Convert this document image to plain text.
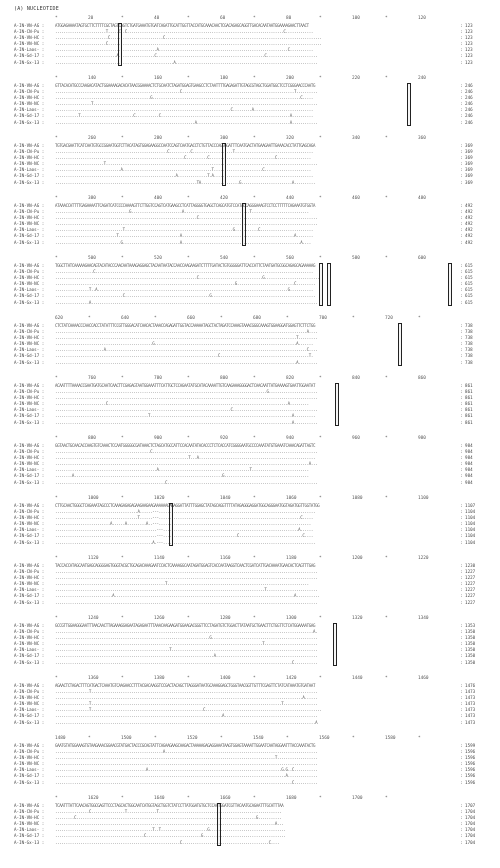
(A) NUCLEOTIDE
*	20	*	40	*	60	*	80	*	100	*	120
A-IN-VN-AG :	ATGGAGAAAATAGTGCTTCTTTTCGCTAGTCAGTCTGATGAAATGTGATCAGATTGCATTGGTTACCATGCAAACAACTCGACAGAGCAGGTTGACACAATAATGGAAAAGAACTTAACT	: 123
A-IN-CN-Pu :	........................T.....C..C..........................................................................C.............	: 123
A-IN-VN-HC :	.........................C.........................C..........................................................................	: 123
A-IN-VN-NC :	........................C.....................................................................................................	: 123
A-IN-Laos- :	................................................A.............................................................C...........	: 123
A-IN-Gd-17 :	.............................A.................C...................................................C........................	: 123
A-IN-Gx-13 :	........................................................A...................................................................	: 123
*	140	*	160	*	180	*	200	*	220	*	240
A-IN-VN-AG :	GTTACACATGCCCAAGACATACTGGAAAAGACACATAACGGAAAACTCTGCAATCTAGATGGAGTGAAGCCTCTAATTTTGAGAGATTGTAGCGTAGCTGGATGGCTCCTCGGGAACCCAATG	: 246
A-IN-CN-Pu :	...........................................................C.....................................................T..........	: 246
A-IN-VN-HC :	.............................................G......................................................................C.....	: 246
A-IN-VN-NC :	.................T..........................................................................................................	: 246
A-IN-Laos- :	...................................................................................C.........A............................	: 246
A-IN-Gd-17 :	...........T.........................C...........C.............................................................A..........	: 246
A-IN-Gx-13 :	..................................................................A............................................A............	: 246
*	260	*	280	*	300	*	320	*	340	*	360
A-IN-VN-AG :	TGTGACGAATTCATCAATGTGCCGGAATGGTCTTACATAGTGGAGAAGGCCAATCCAGTCAATGACCTCTGTTACCCAGGGGATTTCAATGACTATGAAGAATTGAAACACCTATTGAGCAGA	: 369
A-IN-CN-Pu :	.....................................................C..........C...................T.....................................	: 369
A-IN-VN-HC :	.............................................................C..........C...............................C................	: 369
A-IN-VN-NC :	.......................T....................................................................................................	: 369
A-IN-Laos- :	...............................A..........................................T.......................C......................	: 369
A-IN-Gd-17 :	.........................................................A..............T.A...............................................	: 369
A-IN-Gx-13 :	...................................................................TA..................G........................A..........	: 369
*	380	*	400	*	420	*	440	*	460	*	480
A-IN-VN-AG :	ATAAACCATTTTGAGAAAATTCAGATCATCCCCAAAAGTTCTTGGTCCAGTCATGAAGCCTCATTAGGGGTGAGCTCAGCATGTCCATACCAGGGAAAGTCCTCCTTTTTCAGAAATGTGGTA	: 492
A-IN-CN-Pu :	...................................G........................A...............................T...........................	: 492
A-IN-VN-HC :	...................................................................C........................................................	: 492
A-IN-VN-NC :	............................................................................................................................	: 492
A-IN-Laos- :	................................T...................................................G...........C.........................	: 492
A-IN-Gd-17 :	.............................T.............................A.....................................................A........	: 492
A-IN-Gx-13 :	...............................G...........................A........................................................A....	: 492
*	500	*	520	*	540	*	560	*	580	*	600
A-IN-VN-AG :	TGGCTTATCAAAAAGAACAGTACATACCCAACAATAAAGAGGAGCTACAATAATACCAACCAAGAAGATCTTTTGATACTGTGGGGGATTCACCATTCTAATGATGCGGCAGAGCAGAAAAAG	: 615
A-IN-CN-Pu :	..................C.......................................................................................................	: 615
A-IN-VN-HC :	...................................................................C..............................G..........................	: 615
A-IN-VN-NC :	.....................................................................................G...........................C.........	: 615
A-IN-Laos- :	................T..A..........................................................................................G...........	: 615
A-IN-Gd-17 :	................................C........................................G.................................................	: 615
A-IN-Gx-13 :	................A...........................................................................................................	: 615
620	*	640	*	660	*	680	*	700	*	720	*
A-IN-VN-AG :	CTCTATCAAAACCCAACCACCTATATTTCCGTTGGGACATCAACACTAAACCAGAGATTGGTACCAAAAATAGCTACTAGATCCAAAGTAAACGGGCAAAGTGGAAGGATGGAGTTCTTCTGG	: 738
A-IN-CN-Pu :	.......................................................................................................................A....	: 738
A-IN-VN-HC :	..................................................................................................................T.........	: 738
A-IN-VN-NC :	..............................................G...................................................................A.......	: 738
A-IN-Laos- :	.......................A...............................................................................................C....	: 738
A-IN-Gd-17 :	.............................................................................C..........................................T.	: 738
A-IN-Gx-13 :	..................................................................................................................A.........	: 738
*	760	*	780	*	800	*	820	*	840	*	860
A-IN-VN-AG :	ACAATTTTAAAACCGAATGATGCAATCAACTTCGAGAGTAATGGAAATTTCATTGCTCCAGAATATGCATACAAAATTGTCAAGAAAGGGGACTCAACAATTATGAAAAGTGAATTGGAATAT	: 861
A-IN-CN-Pu :	....................................................................................................G.......................	: 861
A-IN-VN-HC :	............................................................................................................................	: 861
A-IN-VN-NC :	........................C.....................................................................................A.........	: 861
A-IN-Laos- :	...................................................................................C........................................	: 861
A-IN-Gd-17 :	............................................T...................................................................A..........	: 861
A-IN-Gx-13 :	................................................................................................................A...........	: 861
*	880	*	900	*	920	*	940	*	960	*	980
A-IN-VN-AG :	GGTAACTGCAACACCAAGTGTCAAACTCCAATGGGGGCGATAAACTCTAGCATGCCATTCCACAATATACACCCTCTCACCATCGGGGAATGCCCCAAATATGTGAAATCAAACAGATTAGTC	: 984
A-IN-CN-Pu :	.............................................C..............................................................................	: 984
A-IN-VN-HC :	...............................................................T...A.......................................................	: 984
A-IN-VN-NC :	........................................................................................................................A...	: 984
A-IN-Laos- :	................................................A...........................................T...........................	: 984
A-IN-Gd-17 :	........A......................................................................G........................................	: 984
A-IN-Gx-13 :	....................................................C.......................................................................	: 984
*	1000	*	1020	*	1040	*	1060	*	1080	*	1100
A-IN-VN-AG :	CTTGCAACTGGGCTCAGAAATAGCCCTCAAAGAGAGAGAAGAAGAAGAAAAAAGAGAGGATTATTTGGAGCTATAGCAGGTTTTATAGAGGGAGGATGGCAGGGAATGGTAGATGGTTGGTATGG	: 1107
A-IN-CN-Pu :	.......................................A......---..........................................................................	: 1104
A-IN-VN-HC :	.......................................T......---...................................................................C.....	: 1104
A-IN-VN-NC :	..........................A......A.........A..---........................................................................	: 1104
A-IN-Laos- :	................................................---................................................................A......	: 1104
A-IN-Gd-17 :	................................................---...................................C..............................C....	: 1104
A-IN-Gx-13 :	..............................................A.---........................................................................	: 1104
*	1120	*	1140	*	1160	*	1180	*	1200	*	1220
A-IN-VN-AG :	TACCACCATAGCAATGAGCAGGGGAGTGGGTACGCTGCAGACAAAGAATCCACTCAAAAGGCAATAGATGGAGTCACCAATAAGGTCAACTCGATCATTGACAAAATGAACACTCAGTTTGAG	: 1230
A-IN-CN-Pu :	............................................................................................................................	: 1227
A-IN-VN-HC :	............................................................................................................................	: 1227
A-IN-VN-NC :	....................................................T...................................................................	: 1227
A-IN-Laos- :	...................................................................................................T........................	: 1227
A-IN-Gd-17 :	...........................A.....................................................................................A...........	: 1227
A-IN-Gx-13 :	............................................................................................................................	: 1227
*	1240	*	1260	*	1280	*	1300	*	1320	*	1340
A-IN-VN-AG :	GCCGTTGGAAGGGAATTTAACAACTTAGAAAGGAGAATAGAGAATTTAAACAAGAAGATGGAAGACGGGTTCCTAGATGTCTGGACTTATAATGCTGAACTTCTGGTTCTCATGGAAAATGAG	: 1353
A-IN-CN-Pu :	..........................................................................................................................A.	: 1350
A-IN-VN-HC :	.........................................................................G..................................................	: 1350
A-IN-VN-NC :	..................................................................................................T.........................	: 1350
A-IN-Laos- :	......................................................T.....................................................................	: 1350
A-IN-Gd-17 :	...........................................................................A................................................	: 1350
A-IN-Gx-13 :	................................................................................................................C...........	: 1350
*	1360	*	1380	*	1400	*	1420	*	1440	*	1460
A-IN-VN-AG :	AGAACTCTAGACTTTCATGACTCAAATGTCAAGAACCTTTACGACAAGGTCCGACTACAGCTTAGGGATAATGCAAAGGAGCTGGGTAACGGTTGTTTCGAGTTCTATCATAAATGTGATAAT	: 1476
A-IN-CN-Pu :	................T...........................................................................................................	: 1473
A-IN-VN-HC :	.....................................................................................................................A......	: 1473
A-IN-VN-NC :	................T..........................................................................................T................	: 1473
A-IN-Laos- :	................T.....................................................C.......................................................	: 1473
A-IN-Gd-17 :	...............................................................................A............................................	: 1473
A-IN-Gx-13 :	...........................................................................................................................A	: 1473
1480	*	1500	*	1520	*	1540	*	1560	*	1580	*
A-IN-VN-AG :	GAATGTATGGAAAGTGTAAGAAACGGAACGTATGACTACCCGCAGTATTCAGAAGAAGCAAGACTAAAAAGAGAGGAAATAAGTGGAGTAAAATTGGAATCAATAGGAATTTACCAAATACTG	: 1599
A-IN-CN-Pu :	...................................................A........................................................................	: 1596
A-IN-VN-HC :	........................................................................................................T...................	: 1596
A-IN-VN-NC :	............................................................................................................................	: 1596
A-IN-Laos- :	...........................................A...............................................................G.G..C...........	: 1596
A-IN-Gd-17 :	.............................................................................................................A..............	: 1596
A-IN-Gx-13 :	................................................................................................................C...........	: 1596
*	1620	*	1640	*	1660	*	1680	*	1700	*
A-IN-VN-AG :	TCAATTTATTCAACAGTGGCGAGTTCCCTAGCACTGGCAATCATGGTAGCTGGTCTATCCTTATGGATGTGCTCCAATGGATCGTTACAATGCAGAATTTGCATTTAA	: 1707
A-IN-CN-Pu :	................C................T..............T..........................................................	: 1704
A-IN-VN-HC :	.........C.....................................................................................G...........	: 1704
A-IN-VN-NC :	........................................................................................................A...	: 1704
A-IN-Laos- :	..............................................T..T......................G....................................	: 1704
A-IN-Gd-17 :	..........................................C..........................G.......................................	: 1704
A-IN-Gx-13 :	...........................................................C.........................................C....	: 1704
